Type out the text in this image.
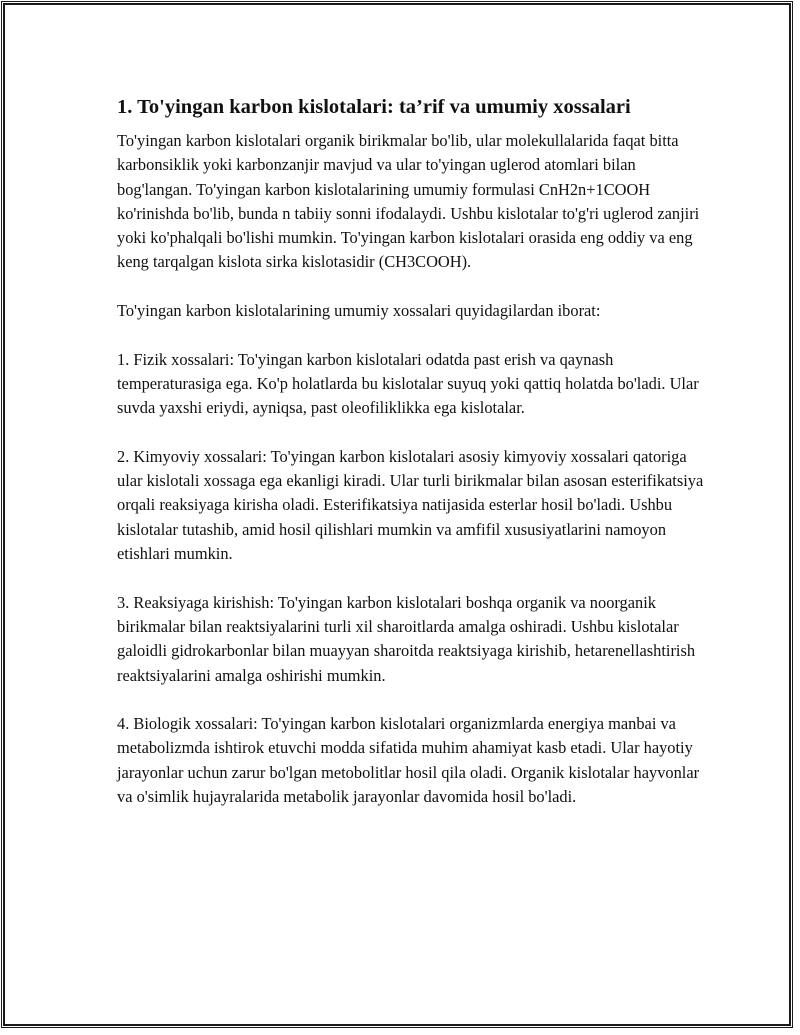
1. To'yingan karbon kislotalari: ta’rif va umumiy xossalari

To'yingan karbon kislotalari organik birikmalar bo'lib, ular molekullalarida faqat bitta karbonsiklik yoki karbonzanjir mavjud va ular to'yingan uglerod atomlari bilan bog'langan. To'yingan karbon kislotalarining umumiy formulasi CnH2n+1COOH ko'rinishda bo'lib, bunda n tabiiy sonni ifodalaydi. Ushbu kislotalar to'g'ri uglerod zanjiri yoki ko'phalqali bo'lishi mumkin. To'yingan karbon kislotalari orasida eng oddiy va eng keng tarqalgan kislota sirka kislotasidir (CH3COOH).

To'yingan karbon kislotalarining umumiy xossalari quyidagilardan iborat:

1. Fizik xossalari: To'yingan karbon kislotalari odatda past erish va qaynash temperaturasiga ega. Ko'p holatlarda bu kislotalar suyuq yoki qattiq holatda bo'ladi. Ular suvda yaxshi eriydi, ayniqsa, past oleofiliklikka ega kislotalar.

2. Kimyoviy xossalari: To'yingan karbon kislotalari asosiy kimyoviy xossalari qatoriga ular kislotali xossaga ega ekanligi kiradi. Ular turli birikmalar bilan asosan esterifikatsiya orqali reaksiyaga kirisha oladi. Esterifikatsiya natijasida esterlar hosil bo'ladi. Ushbu kislotalar tutashib, amid hosil qilishlari mumkin va amfifil xususiyatlarini namoyon etishlari mumkin.

3. Reaksiyaga kirishish: To'yingan karbon kislotalari boshqa organik va noorganik birikmalar bilan reaktsiyalarini turli xil sharoitlarda amalga oshiradi. Ushbu kislotalar galoidli gidrokarbonlar bilan muayyan sharoitda reaktsiyaga kirishib, hetarenellashtirish reaktsiyalarini amalga oshirishi mumkin.

4. Biologik xossalari: To'yingan karbon kislotalari organizmlarda energiya manbai va metabolizmda ishtirok etuvchi modda sifatida muhim ahamiyat kasb etadi. Ular hayotiy jarayonlar uchun zarur bo'lgan metobolitlar hosil qila oladi. Organik kislotalar hayvonlar va o'simlik hujayralarida metabolik jarayonlar davomida hosil bo'ladi.
